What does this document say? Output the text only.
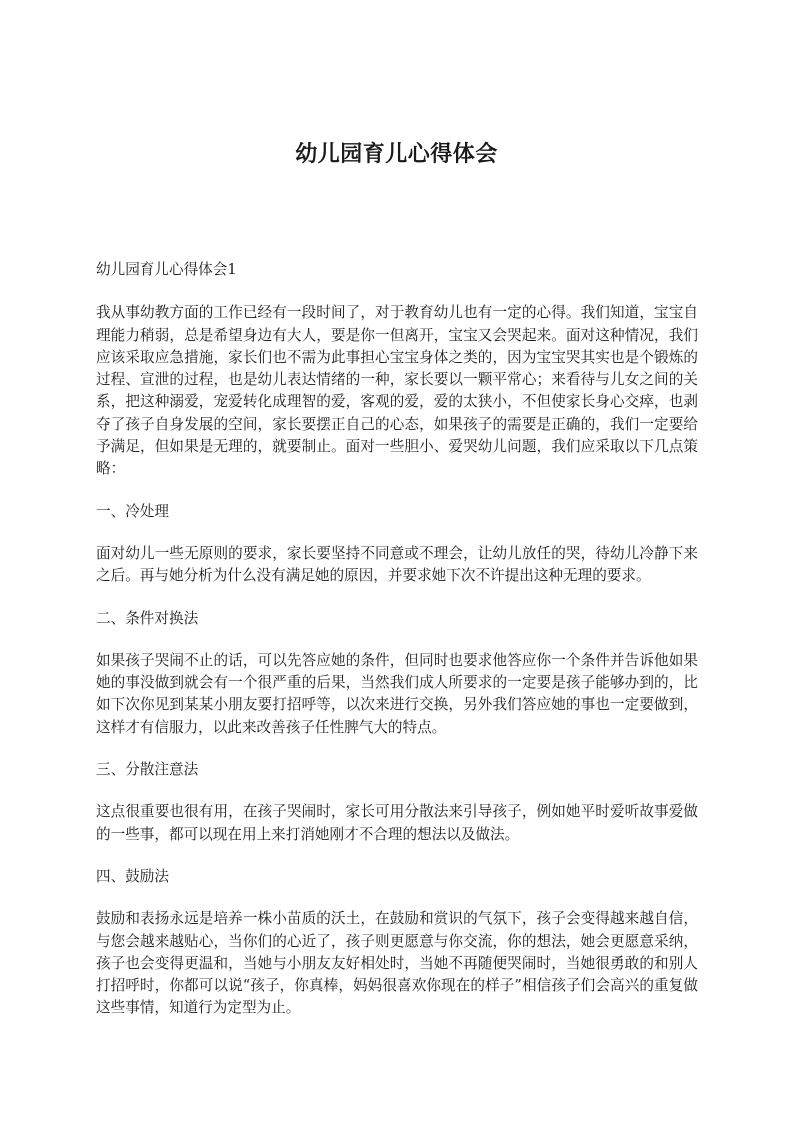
幼儿园育儿心得体会

幼儿园育儿心得体会1

我从事幼教方面的工作已经有一段时间了，对于教育幼儿也有一定的心得。我们知道，宝宝自理能力稍弱，总是希望身边有大人，要是你一但离开，宝宝又会哭起来。面对这种情况，我们应该采取应急措施，家长们也不需为此事担心宝宝身体之类的，因为宝宝哭其实也是个锻炼的过程、宣泄的过程，也是幼儿表达情绪的一种，家长要以一颗平常心；来看待与儿女之间的关系，把这种溺爱，宠爱转化成理智的爱，客观的爱，爱的太狭小，不但使家长身心交瘁，也剥夺了孩子自身发展的空间，家长要摆正自己的心态，如果孩子的需要是正确的，我们一定要给予满足，但如果是无理的，就要制止。面对一些胆小、爱哭幼儿问题，我们应采取以下几点策略：

一、冷处理

面对幼儿一些无原则的要求，家长要坚持不同意或不理会，让幼儿放任的哭，待幼儿冷静下来之后。再与她分析为什么没有满足她的原因，并要求她下次不许提出这种无理的要求。

二、条件对换法

如果孩子哭闹不止的话，可以先答应她的条件，但同时也要求他答应你一个条件并告诉他如果她的事没做到就会有一个很严重的后果，当然我们成人所要求的一定要是孩子能够办到的，比如下次你见到某某小朋友要打招呼等，以次来进行交换，另外我们答应她的事也一定要做到，这样才有信服力，以此来改善孩子任性脾气大的特点。

三、分散注意法

这点很重要也很有用，在孩子哭闹时，家长可用分散法来引导孩子，例如她平时爱听故事爱做的一些事，都可以现在用上来打消她刚才不合理的想法以及做法。

四、鼓励法

鼓励和表扬永远是培养一株小苗质的沃土，在鼓励和赏识的气氛下，孩子会变得越来越自信，与您会越来越贴心，当你们的心近了，孩子则更愿意与你交流，你的想法，她会更愿意采纳，孩子也会变得更温和，当她与小朋友友好相处时，当她不再随便哭闹时，当她很勇敢的和别人打招呼时，你都可以说“孩子，你真棒，妈妈很喜欢你现在的样子”相信孩子们会高兴的重复做这些事情，知道行为定型为止。
